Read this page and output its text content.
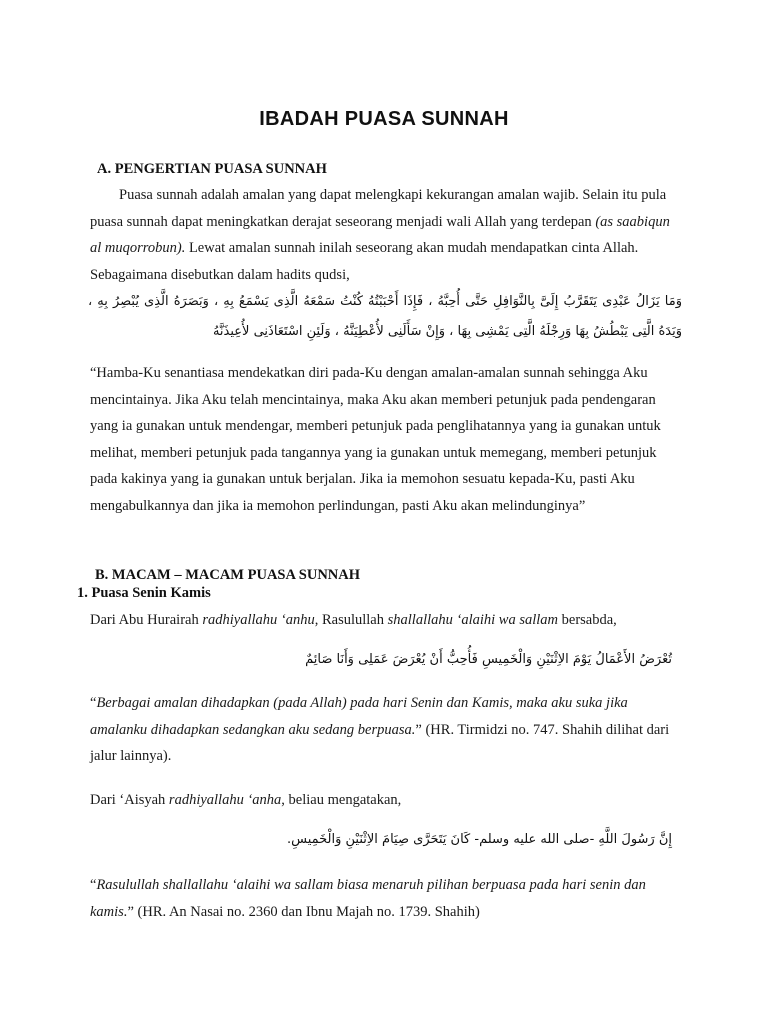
IBADAH PUASA SUNNAH
A. PENGERTIAN PUASA SUNNAH

Puasa sunnah adalah amalan yang dapat melengkapi kekurangan amalan wajib. Selain itu pula puasa sunnah dapat meningkatkan derajat seseorang menjadi wali Allah yang terdepan (as saabiqun al muqorrobun). Lewat amalan sunnah inilah seseorang akan mudah mendapatkan cinta Allah. Sebagaimana disebutkan dalam hadits qudsi,

وَمَا يَزَالُ عَبْدِى يَتَقَرَّبُ إِلَىَّ بِالنَّوَافِلِ حَتَّى أُحِبَّهُ ، فَإِذَا أَحْبَبْتُهُ كُنْتُ سَمْعَهُ الَّذِى يَسْمَعُ بِهِ ، وَبَصَرَهُ الَّذِى يُبْصِرُ بِهِ ، وَيَدَهُ الَّتِى يَبْطُشُ بِهَا وَرِجْلَهُ الَّتِى يَمْشِى بِهَا ، وَإِنْ سَأَلَنِى لأُعْطِيَنَّهُ ، وَلَئِنِ اسْتَعَاذَنِى لأُعِيذَنَّهُ

“Hamba-Ku senantiasa mendekatkan diri pada-Ku dengan amalan-amalan sunnah sehingga Aku mencintainya. Jika Aku telah mencintainya, maka Aku akan memberi petunjuk pada pendengaran yang ia gunakan untuk mendengar, memberi petunjuk pada penglihatannya yang ia gunakan untuk melihat, memberi petunjuk pada tangannya yang ia gunakan untuk memegang, memberi petunjuk pada kakinya yang ia gunakan untuk berjalan. Jika ia memohon sesuatu kepada-Ku, pasti Aku mengabulkannya dan jika ia memohon perlindungan, pasti Aku akan melindunginya”

B. MACAM – MACAM PUASA SUNNAH
1. Puasa Senin Kamis

Dari Abu Hurairah radhiyallahu ‘anhu, Rasulullah shallallahu ‘alaihi wa sallam bersabda,

تُعْرَضُ الأَعْمَالُ يَوْمَ الاِثْنَيْنِ وَالْخَمِيسِ فَأُحِبُّ أَنْ يُعْرَضَ عَمَلِى وَأَنَا صَائِمٌ

“Berbagai amalan dihadapkan (pada Allah) pada hari Senin dan Kamis, maka aku suka jika amalanku dihadapkan sedangkan aku sedang berpuasa.” (HR. Tirmidzi no. 747. Shahih dilihat dari jalur lainnya).

Dari ‘Aisyah radhiyallahu ‘anha, beliau mengatakan,

إِنَّ رَسُولَ اللَّهِ -صلى الله عليه وسلم- كَانَ يَتَحَرَّى صِيَامَ الاِثْنَيْنِ وَالْخَمِيسِ.

“Rasulullah shallallahu ‘alaihi wa sallam biasa menaruh pilihan berpuasa pada hari senin dan kamis.” (HR. An Nasai no. 2360 dan Ibnu Majah no. 1739. Shahih)
